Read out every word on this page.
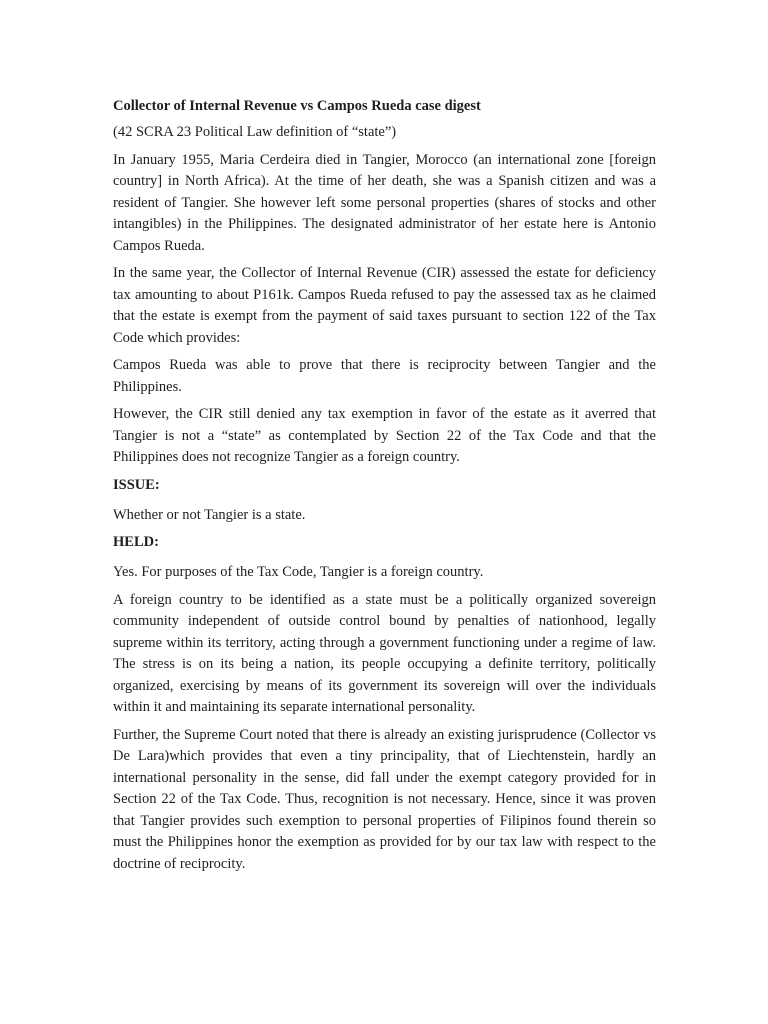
Collector of Internal Revenue vs Campos Rueda case digest

(42 SCRA 23 Political Law definition of “state”)

In January 1955, Maria Cerdeira died in Tangier, Morocco (an international zone [foreign country] in North Africa). At the time of her death, she was a Spanish citizen and was a resident of Tangier. She however left some personal properties (shares of stocks and other intangibles) in the Philippines. The designated administrator of her estate here is Antonio Campos Rueda.

In the same year, the Collector of Internal Revenue (CIR) assessed the estate for deficiency tax amounting to about P161k. Campos Rueda refused to pay the assessed tax as he claimed that the estate is exempt from the payment of said taxes pursuant to section 122 of the Tax Code which provides:

Campos Rueda was able to prove that there is reciprocity between Tangier and the Philippines.

However, the CIR still denied any tax exemption in favor of the estate as it averred that Tangier is not a “state” as contemplated by Section 22 of the Tax Code and that the Philippines does not recognize Tangier as a foreign country.

ISSUE:

Whether or not Tangier is a state.

HELD:

Yes. For purposes of the Tax Code, Tangier is a foreign country.

A foreign country to be identified as a state must be a politically organized sovereign community independent of outside control bound by penalties of nationhood, legally supreme within its territory, acting through a government functioning under a regime of law. The stress is on its being a nation, its people occupying a definite territory, politically organized, exercising by means of its government its sovereign will over the individuals within it and maintaining its separate international personality.

Further, the Supreme Court noted that there is already an existing jurisprudence (Collector vs De Lara)which provides that even a tiny principality, that of Liechtenstein, hardly an international personality in the sense, did fall under the exempt category provided for in Section 22 of the Tax Code. Thus, recognition is not necessary. Hence, since it was proven that Tangier provides such exemption to personal properties of Filipinos found therein so must the Philippines honor the exemption as provided for by our tax law with respect to the doctrine of reciprocity.
